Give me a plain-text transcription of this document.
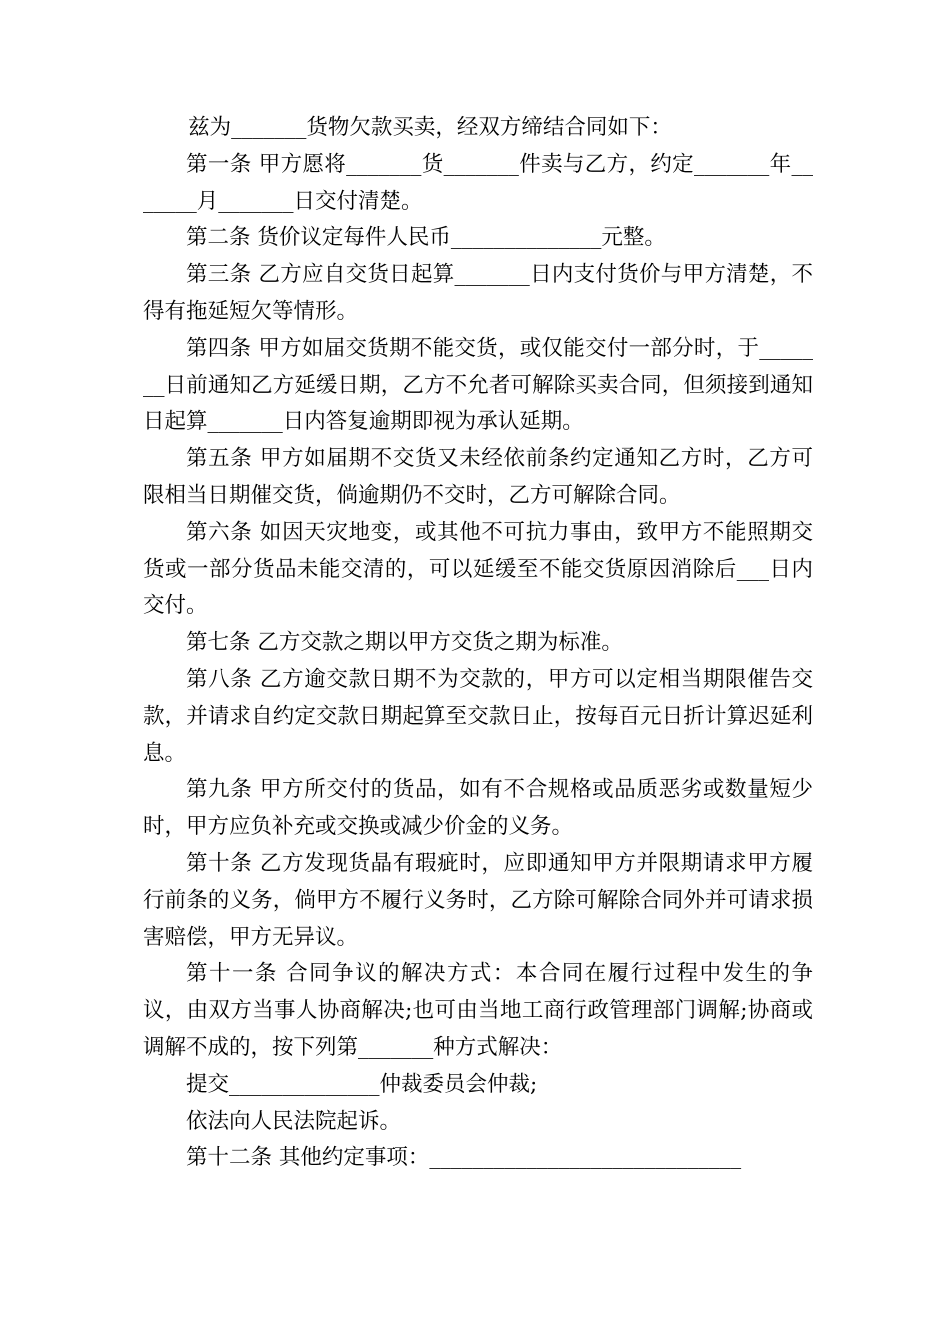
兹为_______货物欠款买卖，经双方缔结合同如下：

第一条 甲方愿将_______货_______件卖与乙方，约定_______年_______月_______日交付清楚。

第二条 货价议定每件人民币______________元整。

第三条 乙方应自交货日起算_______日内支付货价与甲方清楚，不得有拖延短欠等情形。

第四条 甲方如届交货期不能交货，或仅能交付一部分时，于_______日前通知乙方延缓日期，乙方不允者可解除买卖合同，但须接到通知日起算_______日内答复逾期即视为承认延期。

第五条 甲方如届期不交货又未经依前条约定通知乙方时，乙方可限相当日期催交货，倘逾期仍不交时，乙方可解除合同。

第六条 如因天灾地变，或其他不可抗力事由，致甲方不能照期交货或一部分货品未能交清的，可以延缓至不能交货原因消除后___日内交付。

第七条 乙方交款之期以甲方交货之期为标准。

第八条 乙方逾交款日期不为交款的，甲方可以定相当期限催告交款，并请求自约定交款日期起算至交款日止，按每百元日折计算迟延利息。

第九条 甲方所交付的货品，如有不合规格或品质恶劣或数量短少时，甲方应负补充或交换或减少价金的义务。

第十条 乙方发现货晶有瑕疵时，应即通知甲方并限期请求甲方履行前条的义务，倘甲方不履行义务时，乙方除可解除合同外并可请求损害赔偿，甲方无异议。

第十一条 合同争议的解决方式：本合同在履行过程中发生的争议，由双方当事人协商解决;也可由当地工商行政管理部门调解;协商或调解不成的，按下列第_______种方式解决：

提交______________仲裁委员会仲裁;

依法向人民法院起诉。

第十二条 其他约定事项：_____________________________
